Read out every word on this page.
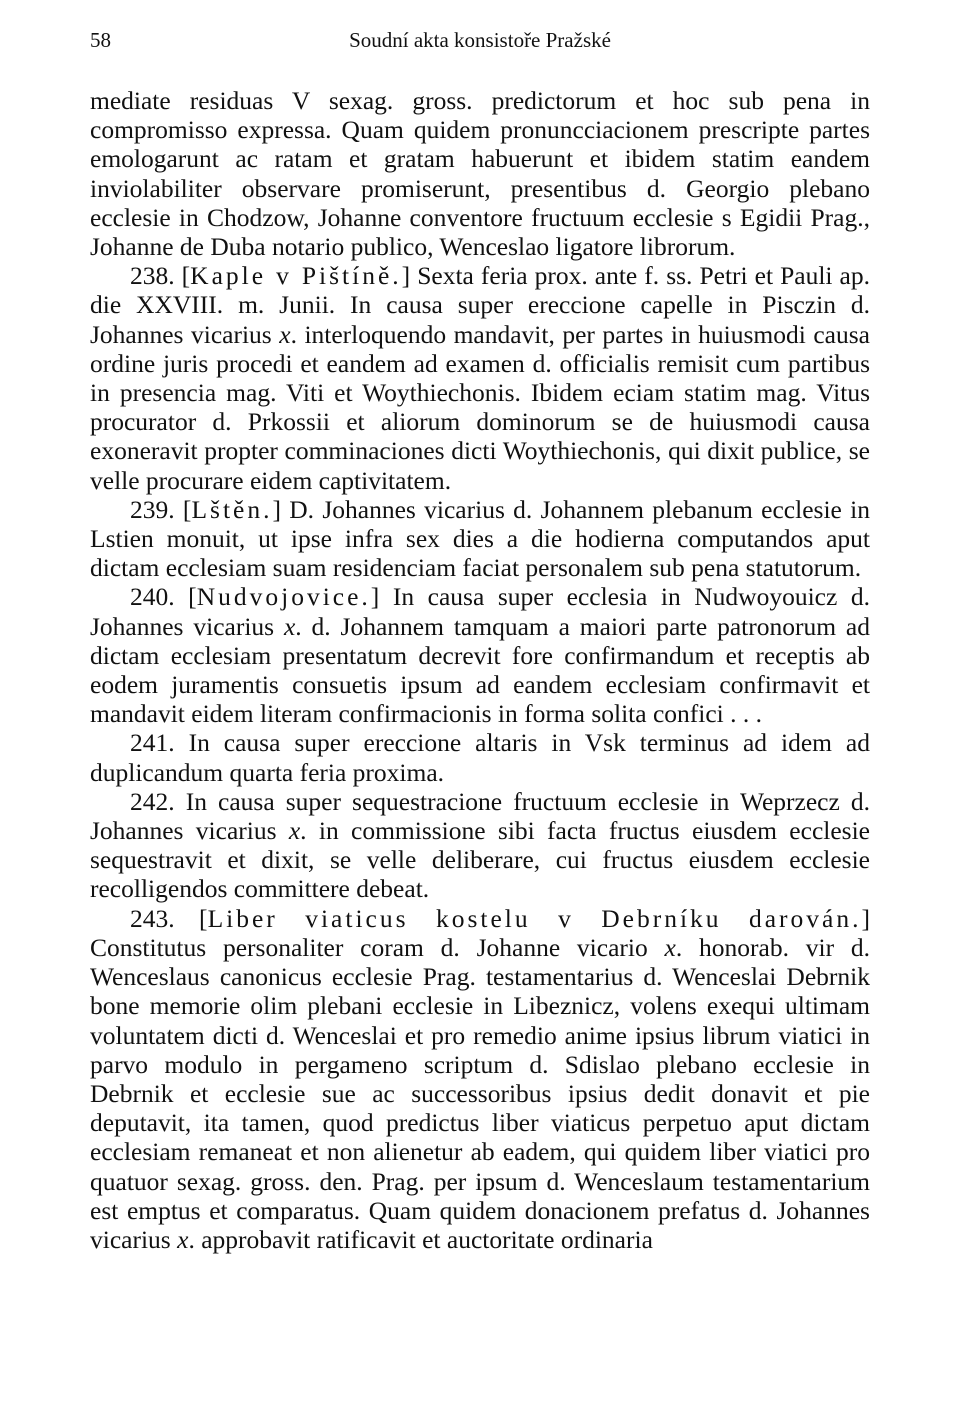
58	Soudní akta konsistoře Pražské

mediate residuas V sexag. gross. predictorum et hoc sub pena in compromisso expressa. Quam quidem pronuncciacionem prescripte partes emologarunt ac ratam et gratam habuerunt et ibidem statim eandem inviolabiliter observare promiserunt, presentibus d. Georgio plebano ecclesie in Chodzow, Johanne conventore fructuum ecclesie s Egidii Prag., Johanne de Duba notario publico, Wenceslao ligatore librorum.

238. [Kaple v Pištíně.] Sexta feria prox. ante f. ss. Petri et Pauli ap. die XXVIII. m. Junii. In causa super ereccione capelle in Pisczin d. Johannes vicarius x. interloquendo mandavit, per partes in huiusmodi causa ordine juris procedi et eandem ad examen d. officialis remisit cum partibus in presencia mag. Viti et Woythiechonis. Ibidem eciam statim mag. Vitus procurator d. Prkossii et aliorum dominorum se de huiusmodi causa exoneravit propter comminaciones dicti Woythiechonis, qui dixit publice, se velle procurare eidem captivitatem.

239. [Lštěn.] D. Johannes vicarius d. Johannem plebanum ecclesie in Lstien monuit, ut ipse infra sex dies a die hodierna computandos aput dictam ecclesiam suam residenciam faciat personalem sub pena statutorum.

240. [Nudvojovice.] In causa super ecclesia in Nudwoyouicz d. Johannes vicarius x. d. Johannem tamquam a maiori parte patronorum ad dictam ecclesiam presentatum decrevit fore confirmandum et receptis ab eodem juramentis consuetis ipsum ad eandem ecclesiam confirmavit et mandavit eidem literam confirmacionis in forma solita confici . . .

241. In causa super ereccione altaris in Vsk terminus ad idem ad duplicandum quarta feria proxima.

242. In causa super sequestracione fructuum ecclesie in Weprzecz d. Johannes vicarius x. in commissione sibi facta fructus eiusdem ecclesie sequestravit et dixit, se velle deliberare, cui fructus eiusdem ecclesie recolligendos committere debeat.

243. [Liber viaticus kostelu v Debrníku darován.] Constitutus personaliter coram d. Johanne vicario x. honorab. vir d. Wenceslaus canonicus ecclesie Prag. testamentarius d. Wenceslai Debrnik bone memorie olim plebani ecclesie in Libeznicz, volens exequi ultimam voluntatem dicti d. Wenceslai et pro remedio anime ipsius librum viatici in parvo modulo in pergameno scriptum d. Sdislao plebano ecclesie in Debrnik et ecclesie sue ac successoribus ipsius dedit donavit et pie deputavit, ita tamen, quod predictus liber viaticus perpetuo aput dictam ecclesiam remaneat et non alienetur ab eadem, qui quidem liber viatici pro quatuor sexag. gross. den. Prag. per ipsum d. Wenceslaum testamentarium est emptus et comparatus. Quam quidem donacionem prefatus d. Johannes vicarius x. approbavit ratificavit et auctoritate ordinaria
